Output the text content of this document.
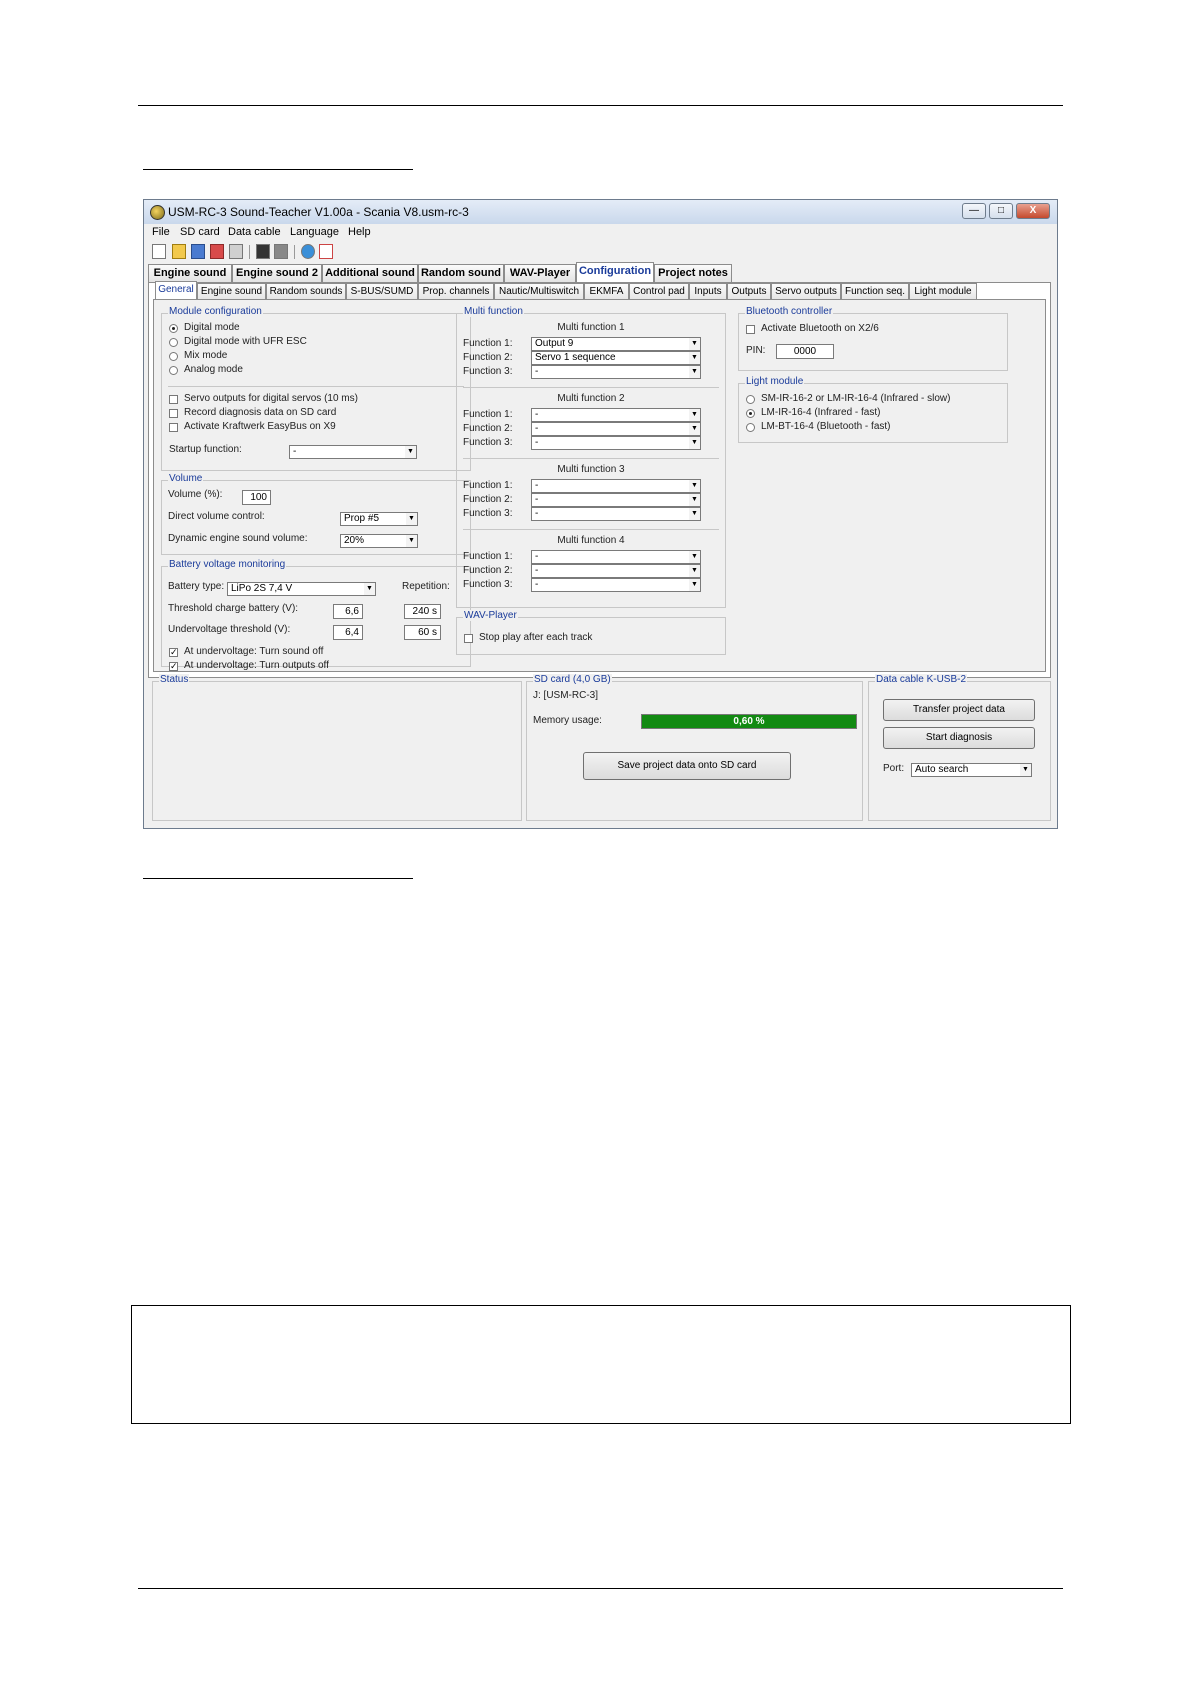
USM-RC-3 Sound-Teacher V1.00a - Scania V8.usm-rc-3	—	□	X
File SD card Data cable Language Help
Engine sound Engine sound 2 Additional sound Random sound WAV-Player Configuration Project notes
General Engine sound Random sounds S-BUS/SUMD Prop. channels Nautic/Multiswitch	EKMFA Control pad Inputs Outputs Servo outputs Function seq. Light module
Module configuration
Digital mode
Digital mode with UFR ESC
Mix mode
Analog mode
Servo outputs for digital servos (10 ms)
Record diagnosis data on SD card
Activate Kraftwerk EasyBus on X9
Startup function:	-	▼
Volume
Volume (%):	100
Direct volume control:	Prop #5	▼
Dynamic engine sound volume:	20%	▼
Battery voltage monitoring
Battery type: LiPo 2S 7,4 V	▼	Repetition:
Threshold charge battery (V):	6,6	240 s
Undervoltage threshold (V):	6,4	60 s
✓ At undervoltage: Turn sound off
✓ At undervoltage: Turn outputs off
Multi function
Multi function 1
Function 1:	Output 9	▼
Function 2:	Servo 1 sequence	▼
Function 3:	-	▼
Multi function 2
Function 1:	-	▼
Function 2:	-	▼
Function 3:	-	▼
Multi function 3
Function 1:	-	▼
Function 2:	-	▼
Function 3:	-	▼
Multi function 4
Function 1:	-	▼
Function 2:	-	▼
Function 3:	-	▼
WAV-Player
Stop play after each track
Bluetooth controller
Activate Bluetooth on X2/6
PIN:	0000
Light module
SM-IR-16-2 or LM-IR-16-4 (Infrared - slow)
LM-IR-16-4 (Infrared - fast)
LM-BT-16-4 (Bluetooth - fast)
Status	SD card (4,0 GB)
J: [USM-RC-3]
Memory usage:	0,60 %
Save project data onto SD card
Data cable K-USB-2
Transfer project data
Start diagnosis
Port:	Auto search	▼
